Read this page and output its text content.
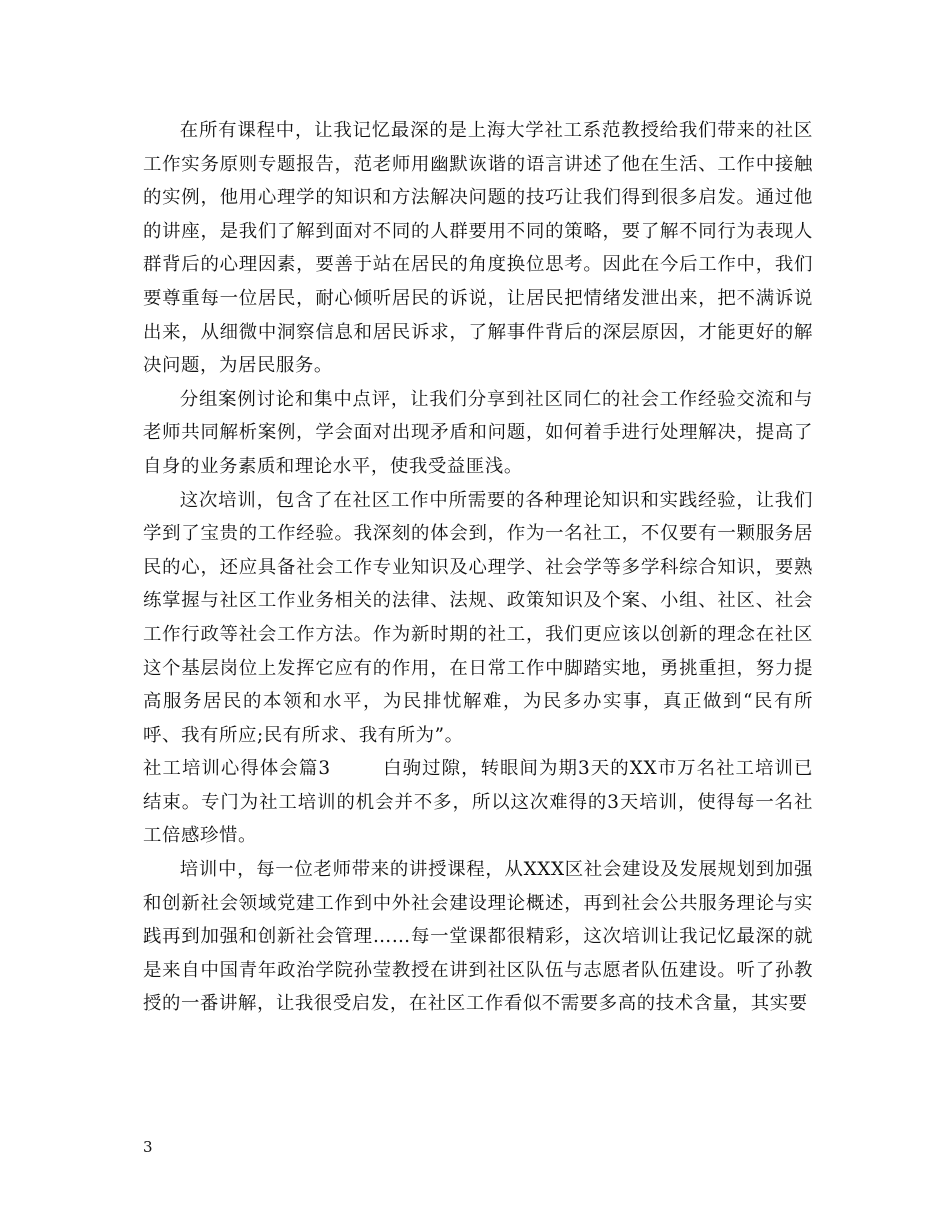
在所有课程中，让我记忆最深的是上海大学社工系范教授给我们带来的社区工作实务原则专题报告，范老师用幽默诙谐的语言讲述了他在生活、工作中接触的实例，他用心理学的知识和方法解决问题的技巧让我们得到很多启发。通过他的讲座，是我们了解到面对不同的人群要用不同的策略，要了解不同行为表现人群背后的心理因素，要善于站在居民的角度换位思考。因此在今后工作中，我们要尊重每一位居民，耐心倾听居民的诉说，让居民把情绪发泄出来，把不满诉说出来，从细微中洞察信息和居民诉求，了解事件背后的深层原因，才能更好的解决问题，为居民服务。

分组案例讨论和集中点评，让我们分享到社区同仁的社会工作经验交流和与老师共同解析案例，学会面对出现矛盾和问题，如何着手进行处理解决，提高了自身的业务素质和理论水平，使我受益匪浅。

这次培训，包含了在社区工作中所需要的各种理论知识和实践经验，让我们学到了宝贵的工作经验。我深刻的体会到，作为一名社工，不仅要有一颗服务居民的心，还应具备社会工作专业知识及心理学、社会学等多学科综合知识，要熟练掌握与社区工作业务相关的法律、法规、政策知识及个案、小组、社区、社会工作行政等社会工作方法。作为新时期的社工，我们更应该以创新的理念在社区这个基层岗位上发挥它应有的作用，在日常工作中脚踏实地，勇挑重担，努力提高服务居民的本领和水平，为民排忧解难，为民多办实事，真正做到“民有所呼、我有所应;民有所求、我有所为”。

社工培训心得体会篇3	白驹过隙，转眼间为期3天的XX市万名社工培训已结束。专门为社工培训的机会并不多，所以这次难得的3天培训，使得每一名社工倍感珍惜。

培训中，每一位老师带来的讲授课程，从XXX区社会建设及发展规划到加强和创新社会领域党建工作到中外社会建设理论概述，再到社会公共服务理论与实践再到加强和创新社会管理……每一堂课都很精彩，这次培训让我记忆最深的就是来自中国青年政治学院孙莹教授在讲到社区队伍与志愿者队伍建设。听了孙教授的一番讲解，让我很受启发，在社区工作看似不需要多高的技术含量，其实要

3
